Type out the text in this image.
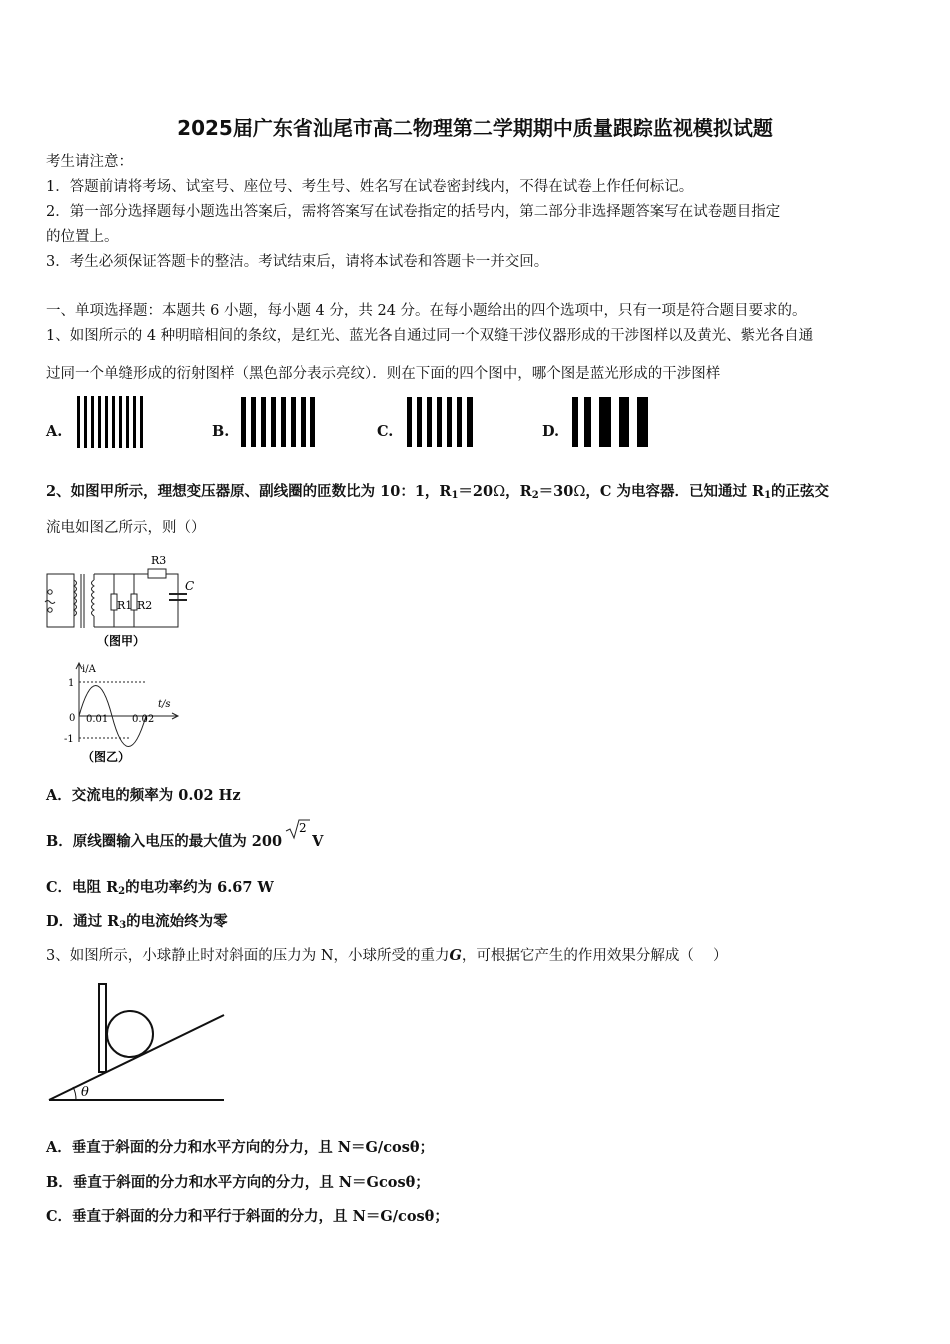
2025届广东省汕尾市高二物理第二学期期中质量跟踪监视模拟试题
考生请注意：
1．答题前请将考场、试室号、座位号、考生号、姓名写在试卷密封线内，不得在试卷上作任何标记。
2．第一部分选择题每小题选出答案后，需将答案写在试卷指定的括号内，第二部分非选择题答案写在试卷题目指定
的位置上。
3．考生必须保证答题卡的整洁。考试结束后，请将本试卷和答题卡一并交回。
一、单项选择题：本题共 6 小题，每小题 4 分，共 24 分。在每小题给出的四个选项中，只有一项是符合题目要求的。
1、如图所示的 4 种明暗相间的条纹，是红光、蓝光各自通过同一个双缝干涉仪器形成的干涉图样以及黄光、紫光各自通
过同一个单缝形成的衍射图样（黑色部分表示亮纹）．则在下面的四个图中，哪个图是蓝光形成的干涉图样
A.	B.	C.	D.
2、如图甲所示，理想变压器原、副线圈的匝数比为 10：1，$R_1=20\Omega$，$R_2=30\Omega$，C 为电容器．已知通过 $R_1$的正弦交
流电如图乙所示，则（）
R3
R1 R2
C
（图甲）
i/A
t/s
1
-1
0 0.01 0.02
（图乙）
A．交流电的频率为 0.02 Hz
B．原线圈输入电压的最大值为 200
2
V
C．电阻 $R_2$的电功率约为 6.67 W
D．通过 $R_3$的电流始终为零
3、如图所示，小球静止时对斜面的压力为 N，小球所受的重力G，可根据它产生的作用效果分解成（　 ）
θ
A．垂直于斜面的分力和水平方向的分力，且 N＝G/cosθ；
B．垂直于斜面的分力和水平方向的分力，且 N＝Gcosθ；
C．垂直于斜面的分力和平行于斜面的分力，且 N＝G/cosθ；
